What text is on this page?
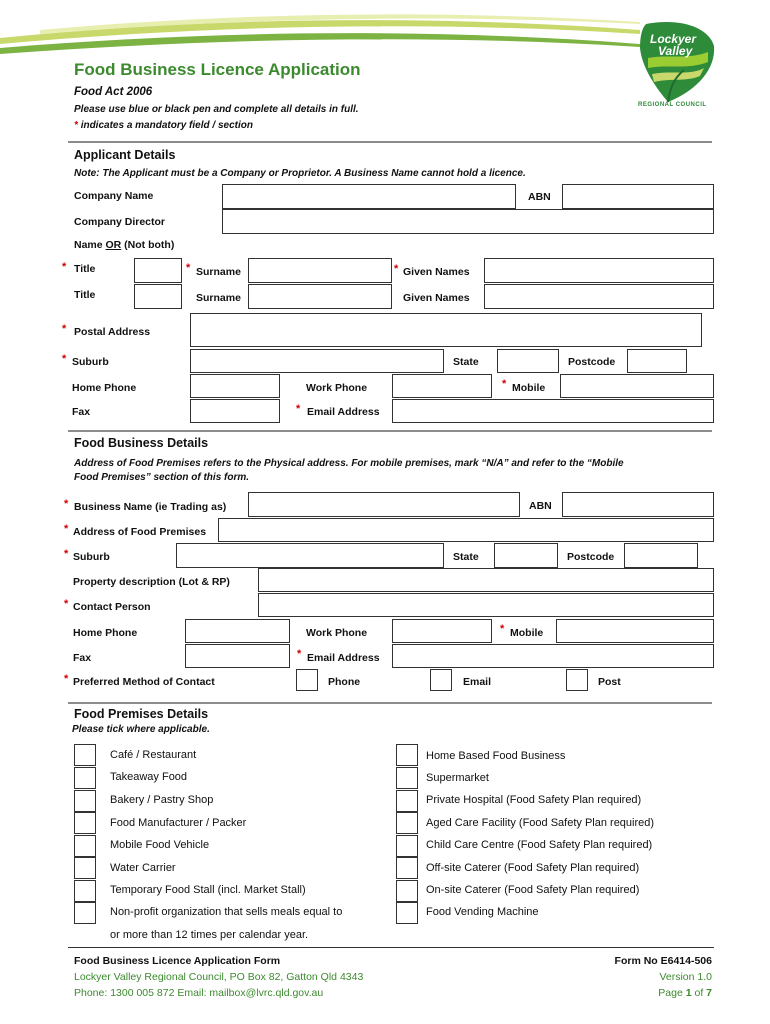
Lockyer
Valley
REGIONAL COUNCIL
Food Business Licence Application
Food Act 2006
Please use blue or black pen and complete all details in full.
* indicates a mandatory field / section
Applicant Details
Note: The Applicant must be a Company or Proprietor. A Business Name cannot hold a licence.
Company Name	ABN
Company Director
Name OR (Not both)
* Title	* Surname	* Given Names
Title	Surname	Given Names
* Postal Address
* Suburb	State	Postcode
Home Phone	Work Phone	* Mobile
Fax	* Email Address
Food Business Details
Address of Food Premises refers to the Physical address. For mobile premises, mark “N/A” and refer to the “Mobile
Food Premises” section of this form.
* Business Name (ie Trading as)	ABN
* Address of Food Premises
* Suburb	State	Postcode
Property description (Lot & RP)
* Contact Person
Home Phone	Work Phone	* Mobile
Fax	* Email Address
* Preferred Method of Contact	Phone	Email	Post
Food Premises Details
Please tick where applicable.
Café / Restaurant
Takeaway Food
Bakery / Pastry Shop
Food Manufacturer / Packer
Mobile Food Vehicle
Water Carrier
Temporary Food Stall (incl. Market Stall)
Non-profit organization that sells meals equal to
or more than 12 times per calendar year.
Home Based Food Business
Supermarket
Private Hospital (Food Safety Plan required)
Aged Care Facility (Food Safety Plan required)
Child Care Centre (Food Safety Plan required)
Off-site Caterer (Food Safety Plan required)
On-site Caterer (Food Safety Plan required)
Food Vending Machine
Food Business Licence Application Form
Lockyer Valley Regional Council, PO Box 82, Gatton Qld 4343
Phone: 1300 005 872 Email: mailbox@lvrc.qld.gov.au
Form No E6414-506
Version 1.0
Page 1 of 7
